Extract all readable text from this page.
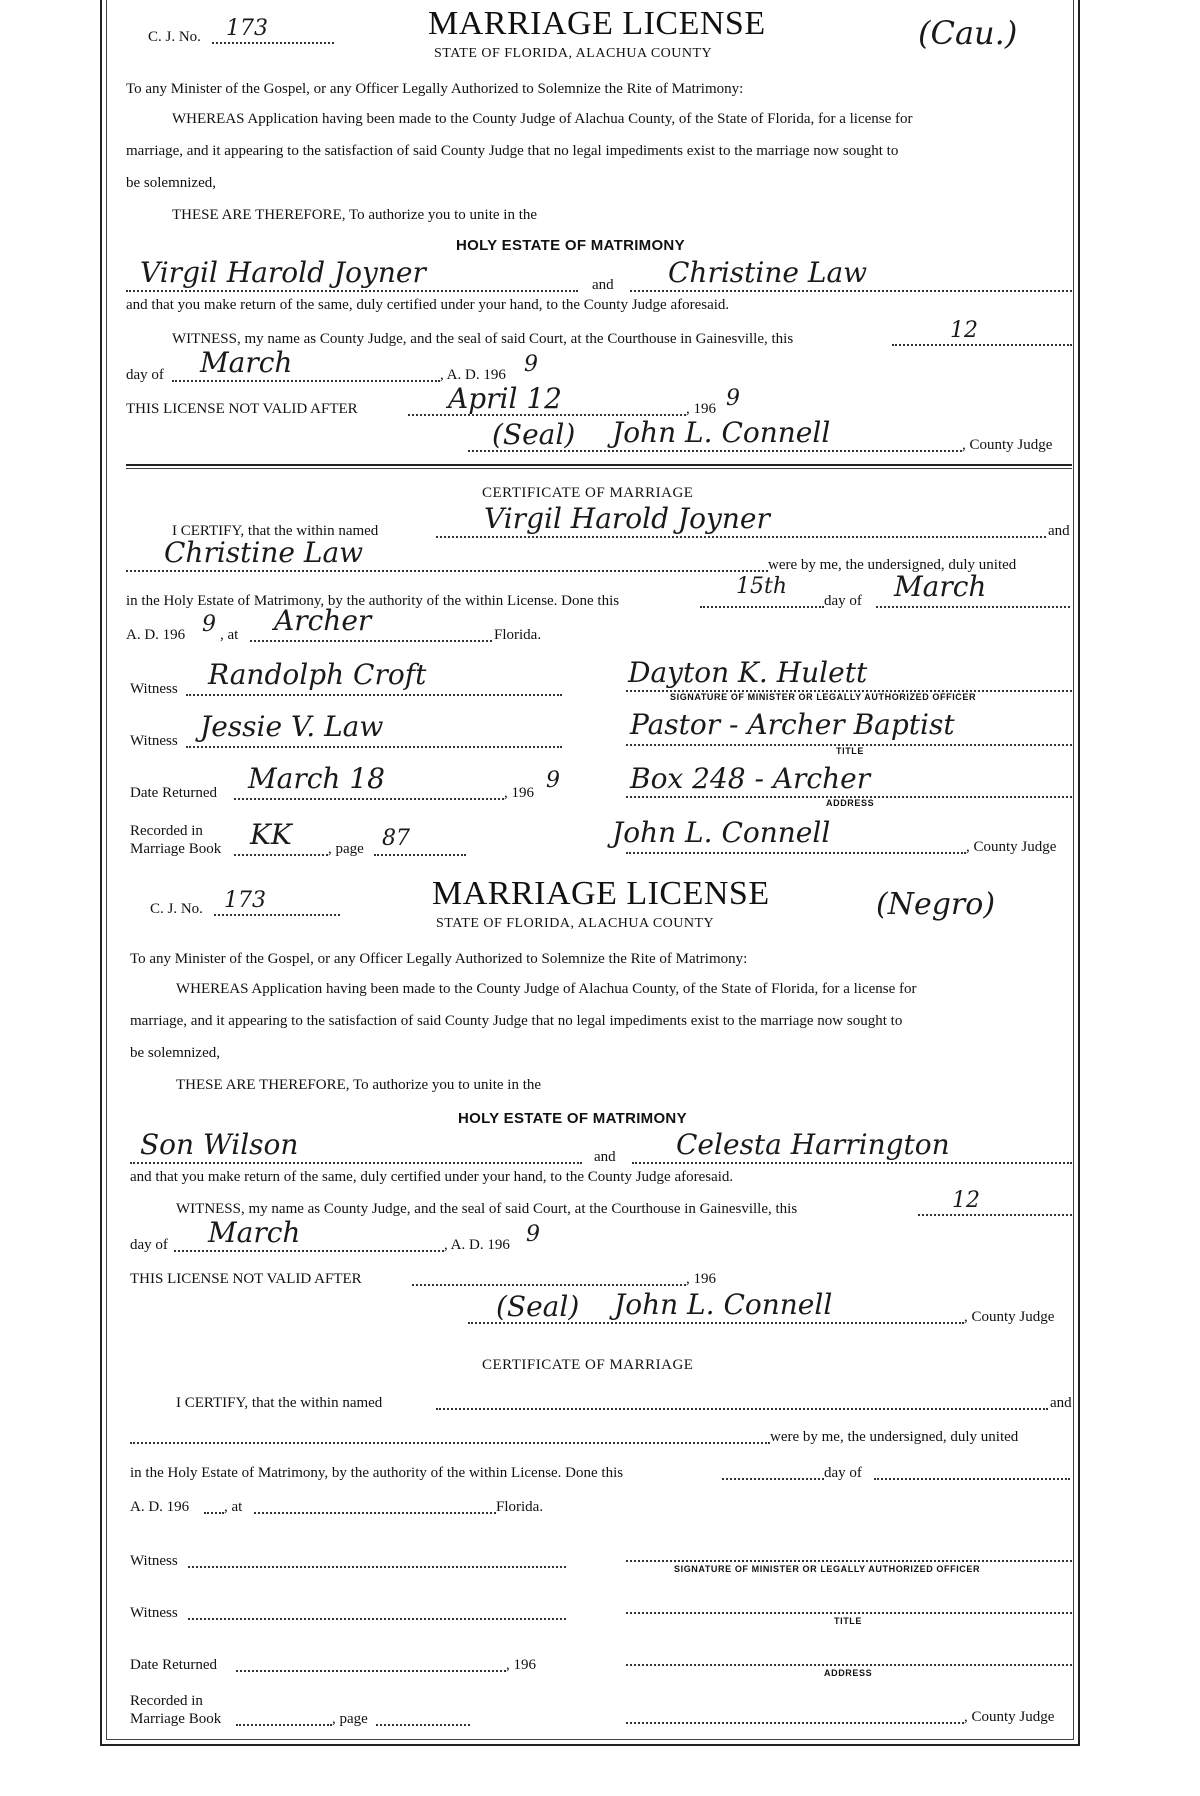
C. J. No. 173	MARRIAGE LICENSE
STATE OF FLORIDA, ALACHUA COUNTY
(Cau.)
To any Minister of the Gospel, or any Officer Legally Authorized to Solemnize the Rite of Matrimony:
WHEREAS Application having been made to the County Judge of Alachua County, of the State of Florida, for a license for
marriage, and it appearing to the satisfaction of said County Judge that no legal impediments exist to the marriage now sought to
be solemnized,
THESE ARE THEREFORE, To authorize you to unite in the
HOLY ESTATE OF MATRIMONY
Virgil Harold Joyner	and Christine Law
and that you make return of the same, duly certified under your hand, to the County Judge aforesaid.
WITNESS, my name as County Judge, and the seal of said Court, at the Courthouse in Gainesville, this	12
day of March	, A. D. 196 9
THIS LICENSE NOT VALID AFTER	April 12	, 196 9
(Seal) John L. Connell	, County Judge
CERTIFICATE OF MARRIAGE
I CERTIFY, that the within named	Virgil Harold Joyner	and
Christine Law	were by me, the undersigned, duly united
in the Holy Estate of Matrimony, by the authority of the within License. Done this
15th
day of March
A. D. 196 9 , at Archer	Florida.
Witness Randolph Croft	Dayton K. Hulett
SIGNATURE OF MINISTER OR LEGALLY AUTHORIZED OFFICER
Witness Jessie V. Law	Pastor - Archer Baptist
TITLE
Date Returned March 18	, 196 9	Box 248 - Archer
ADDRESS
Recorded in
Marriage Book KK , page 87	John L. Connell	, County Judge
C. J. No. 173	MARRIAGE LICENSE
STATE OF FLORIDA, ALACHUA COUNTY
(Negro)
To any Minister of the Gospel, or any Officer Legally Authorized to Solemnize the Rite of Matrimony:
WHEREAS Application having been made to the County Judge of Alachua County, of the State of Florida, for a license for
marriage, and it appearing to the satisfaction of said County Judge that no legal impediments exist to the marriage now sought to
be solemnized,
THESE ARE THEREFORE, To authorize you to unite in the
HOLY ESTATE OF MATRIMONY
Son Wilson	and Celesta Harrington
and that you make return of the same, duly certified under your hand, to the County Judge aforesaid.
WITNESS, my name as County Judge, and the seal of said Court, at the Courthouse in Gainesville, this	12
day of March	, A. D. 196 9
THIS LICENSE NOT VALID AFTER	, 196
(Seal) John L. Connell	, County Judge
CERTIFICATE OF MARRIAGE
I CERTIFY, that the within named	and
were by me, the undersigned, duly united
in the Holy Estate of Matrimony, by the authority of the within License. Done this	day of
A. D. 196 , at	Florida.
Witness	SIGNATURE OF MINISTER OR LEGALLY AUTHORIZED OFFICER
Witness	TITLE
Date Returned	, 196	ADDRESS
Recorded in
Marriage Book	, page	, County Judge
